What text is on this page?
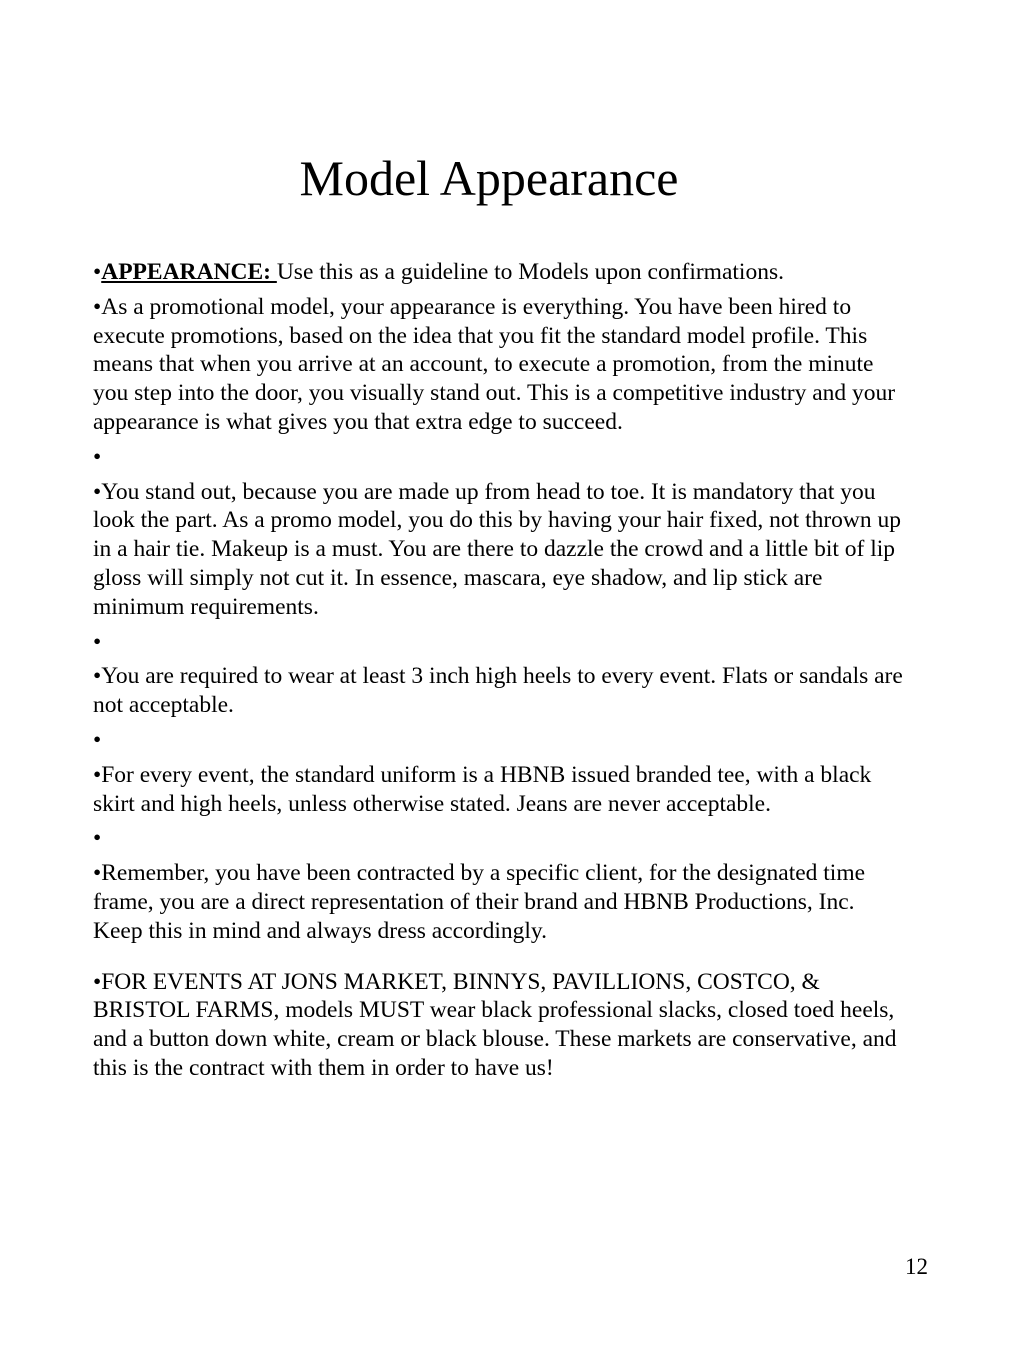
Model Appearance

•APPEARANCE: Use this as a guideline to Models upon confirmations.

•As a promotional model, your appearance is everything. You have been hired to execute promotions, based on the idea that you fit the standard model profile. This means that when you arrive at an account, to execute a promotion, from the minute you step into the door, you visually stand out. This is a competitive industry and your appearance is what gives you that extra edge to succeed.

•

•You stand out, because you are made up from head to toe. It is mandatory that you look the part. As a promo model, you do this by having your hair fixed, not thrown up in a hair tie. Makeup is a must. You are there to dazzle the crowd and a little bit of lip gloss will simply not cut it. In essence, mascara, eye shadow, and lip stick are minimum requirements.

•

•You are required to wear at least 3 inch high heels to every event. Flats or sandals are not acceptable.

•

•For every event, the standard uniform is a HBNB issued branded tee, with a black skirt and high heels, unless otherwise stated. Jeans are never acceptable.

•

•Remember, you have been contracted by a specific client, for the designated time frame, you are a direct representation of their brand and HBNB Productions, Inc. Keep this in mind and always dress accordingly.

•FOR EVENTS AT JONS MARKET, BINNYS, PAVILLIONS, COSTCO, & BRISTOL FARMS, models MUST wear black professional slacks, closed toed heels, and a button down white, cream or black blouse. These markets are conservative, and this is the contract with them in order to have us!

12
